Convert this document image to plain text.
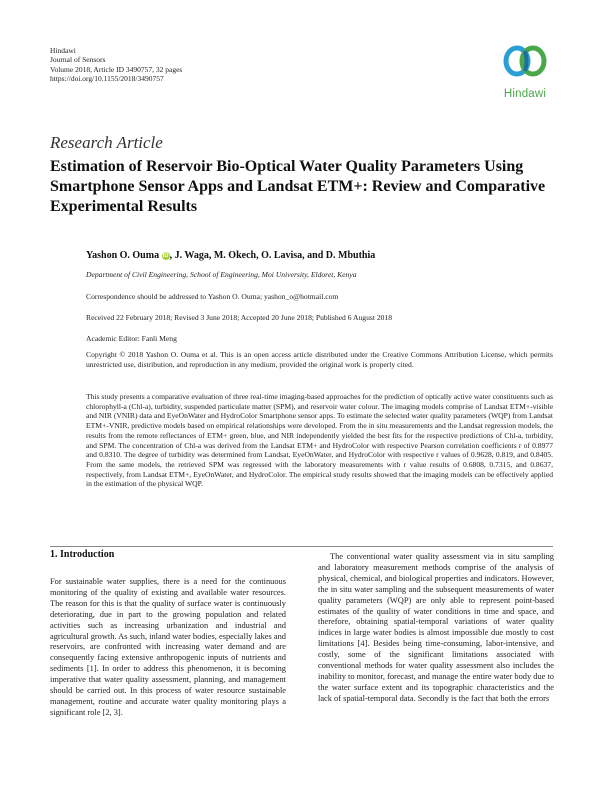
Hindawi
Journal of Sensors
Volume 2018, Article ID 3490757, 32 pages
https://doi.org/10.1155/2018/3490757
Hindawi
Research Article
Estimation of Reservoir Bio-Optical Water Quality Parameters Using Smartphone Sensor Apps and Landsat ETM+: Review and Comparative Experimental Results
Yashon O. Ouma iD, J. Waga, M. Okech, O. Lavisa, and D. Mbuthia
Department of Civil Engineering, School of Engineering, Moi University, Eldoret, Kenya
Correspondence should be addressed to Yashon O. Ouma; yashon_o@hotmail.com
Received 22 February 2018; Revised 3 June 2018; Accepted 20 June 2018; Published 6 August 2018
Academic Editor: Fanli Meng

Copyright © 2018 Yashon O. Ouma et al. This is an open access article distributed under the Creative Commons Attribution License, which permits unrestricted use, distribution, and reproduction in any medium, provided the original work is properly cited.

This study presents a comparative evaluation of three real-time imaging-based approaches for the prediction of optically active water constituents such as chlorophyll-a (Chl-a), turbidity, suspended particulate matter (SPM), and reservoir water colour. The imaging models comprise of Landsat ETM+-visible and NIR (VNIR) data and EyeOnWater and HydroColor Smartphone sensor apps. To estimate the selected water quality parameters (WQP) from Landsat ETM+-VNIR, predictive models based on empirical relationships were developed. From the in situ measurements and the Landsat regression models, the results from the remote reflectances of ETM+ green, blue, and NIR independently yielded the best fits for the respective predictions of Chl-a, turbidity, and SPM. The concentration of Chl-a was derived from the Landsat ETM+ and HydroColor with respective Pearson correlation coefficients r of 0.8977 and 0.8310. The degree of turbidity was determined from Landsat, EyeOnWater, and HydroColor with respective r values of 0.9628, 0.819, and 0.8405. From the same models, the retrieved SPM was regressed with the laboratory measurements with r value results of 0.6808, 0.7315, and 0.8637, respectively, from Landsat ETM+, EyeOnWater, and HydroColor. The empirical study results showed that the imaging models can be effectively applied in the estimation of the physical WQP.

1. Introduction

For sustainable water supplies, there is a need for the continuous monitoring of the quality of existing and available water resources. The reason for this is that the quality of surface water is continuously deteriorating, due in part to the growing population and related activities such as increasing urbanization and industrial and agricultural growth. As such, inland water bodies, especially lakes and reservoirs, are confronted with increasing water demand and are consequently facing extensive anthropogenic inputs of nutrients and sediments [1]. In order to address this phenomenon, it is becoming imperative that water quality assessment, planning, and management should be carried out. In this process of water resource sustainable management, routine and accurate water quality monitoring plays a significant role [2, 3].

The conventional water quality assessment via in situ sampling and laboratory measurement methods comprise of the analysis of physical, chemical, and biological properties and indicators. However, the in situ water sampling and the subsequent measurements of water quality parameters (WQP) are only able to represent point-based estimates of the quality of water conditions in time and space, and therefore, obtaining spatial-temporal variations of water quality indices in large water bodies is almost impossible due mostly to cost limitations [4]. Besides being time-consuming, labor-intensive, and costly, some of the significant limitations associated with conventional methods for water quality assessment also includes the inability to monitor, forecast, and manage the entire water body due to the water surface extent and its topographic characteristics and the lack of spatial-temporal data. Secondly is the fact that both the errors
